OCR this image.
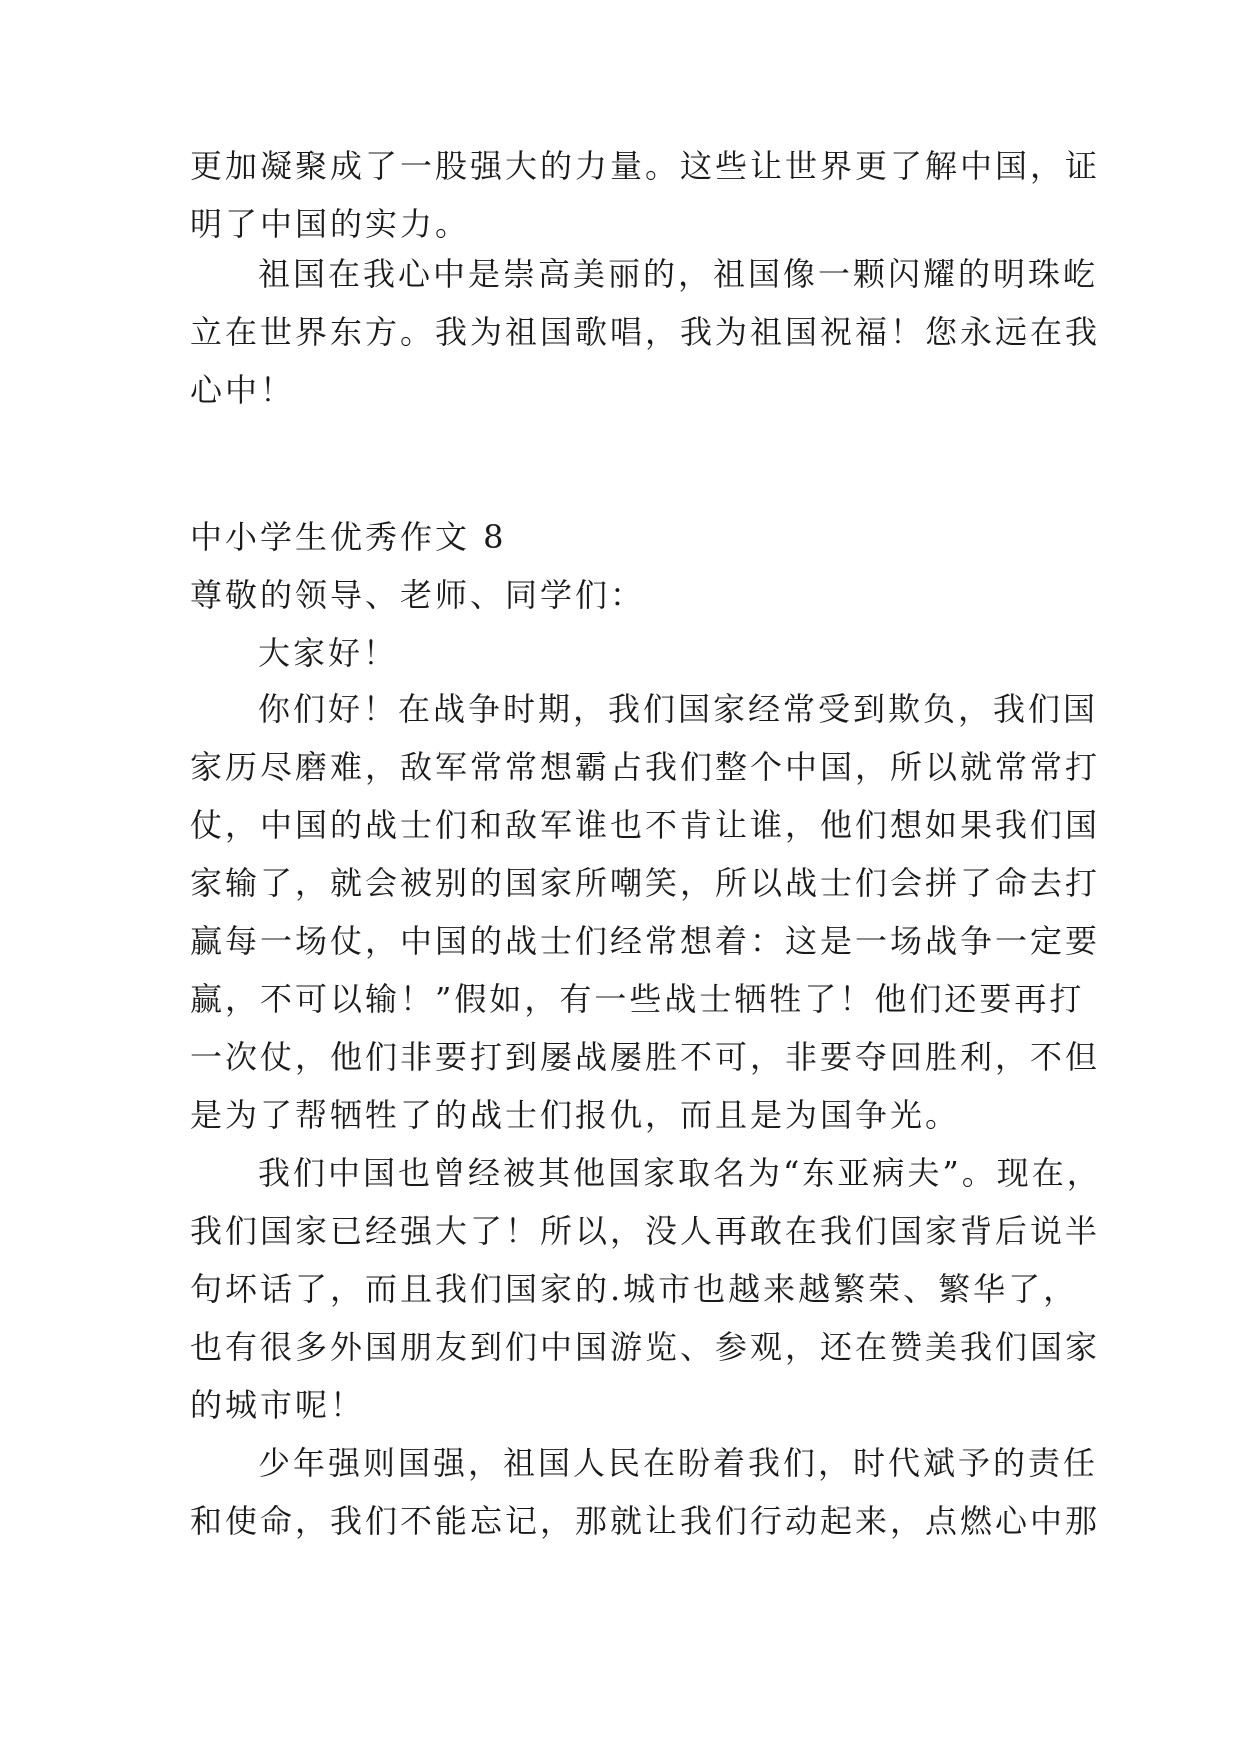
更加凝聚成了一股强大的力量。这些让世界更了解中国，证
明了中国的实力。
祖国在我心中是崇高美丽的，祖国像一颗闪耀的明珠屹
立在世界东方。我为祖国歌唱，我为祖国祝福！您永远在我
心中！
中小学生优秀作文 8
尊敬的领导、老师、同学们：
大家好！
你们好！在战争时期，我们国家经常受到欺负，我们国
家历尽磨难，敌军常常想霸占我们整个中国，所以就常常打
仗，中国的战士们和敌军谁也不肯让谁，他们想如果我们国
家输了，就会被别的国家所嘲笑，所以战士们会拼了命去打
赢每一场仗，中国的战士们经常想着：这是一场战争一定要
赢，不可以输！”假如，有一些战士牺牲了！他们还要再打
一次仗，他们非要打到屡战屡胜不可，非要夺回胜利，不但
是为了帮牺牲了的战士们报仇，而且是为国争光。
我们中国也曾经被其他国家取名为“东亚病夫”。现在，
我们国家已经强大了！所以，没人再敢在我们国家背后说半
句坏话了，而且我们国家的.城市也越来越繁荣、繁华了，
也有很多外国朋友到们中国游览、参观，还在赞美我们国家
的城市呢！
少年强则国强，祖国人民在盼着我们，时代斌予的责任
和使命，我们不能忘记，那就让我们行动起来，点燃心中那
